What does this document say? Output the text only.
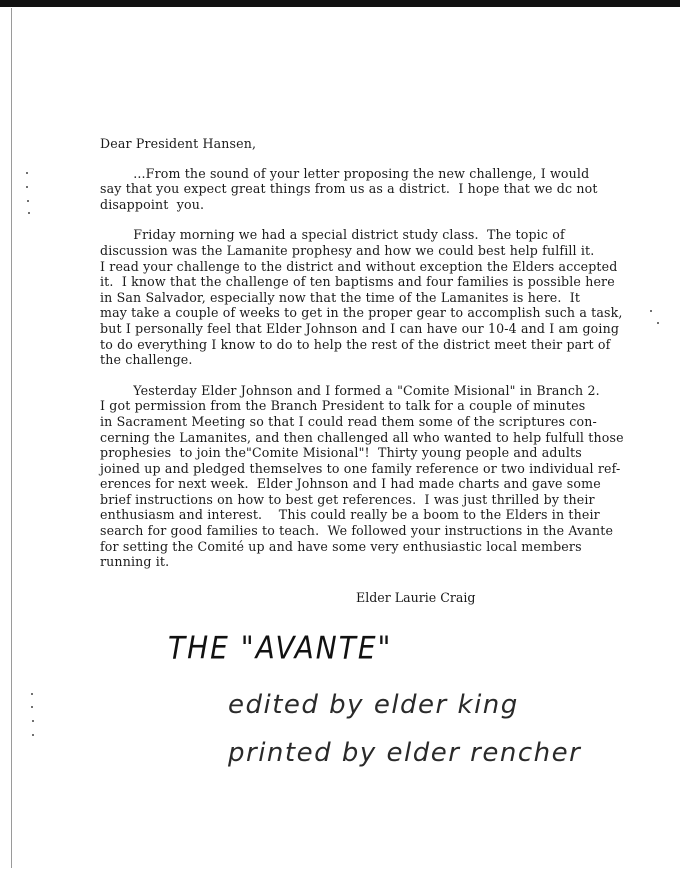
Dear President Hansen,

...From the sound of your letter proposing the new challenge, I would
say that you expect great things from us as a district.  I hope that we dc not
disappoint  you.
Friday morning we had a special district study class.  The topic of
discussion was the Lamanite prophesy and how we could best help fulfill it.
I read your challenge to the district and without exception the Elders accepted
it.  I know that the challenge of ten baptisms and four families is possible here
in San Salvador, especially now that the time of the Lamanites is here.  It
may take a couple of weeks to get in the proper gear to accomplish such a task,
but I personally feel that Elder Johnson and I can have our 10-4 and I am going
to do everything I know to do to help the rest of the district meet their part of
the challenge.
Yesterday Elder Johnson and I formed a "Comite Misional" in Branch 2.
I got permission from the Branch President to talk for a couple of minutes
in Sacrament Meeting so that I could read them some of the scriptures con-
cerning the Lamanites, and then challenged all who wanted to help fulfull those
prophesies  to join the"Comite Misional"!  Thirty young people and adults
joined up and pledged themselves to one family reference or two individual ref-
erences for next week.  Elder Johnson and I had made charts and gave some
brief instructions on how to best get references.  I was just thrilled by their
enthusiasm and interest.    This could really be a boom to the Elders in their
search for good families to teach.  We followed your instructions in the Avante
for setting the Comité up and have some very enthusiastic local members
running it.
Elder Laurie Craig
THE "AVANTE"
edited by elder king
printed by elder rencher
